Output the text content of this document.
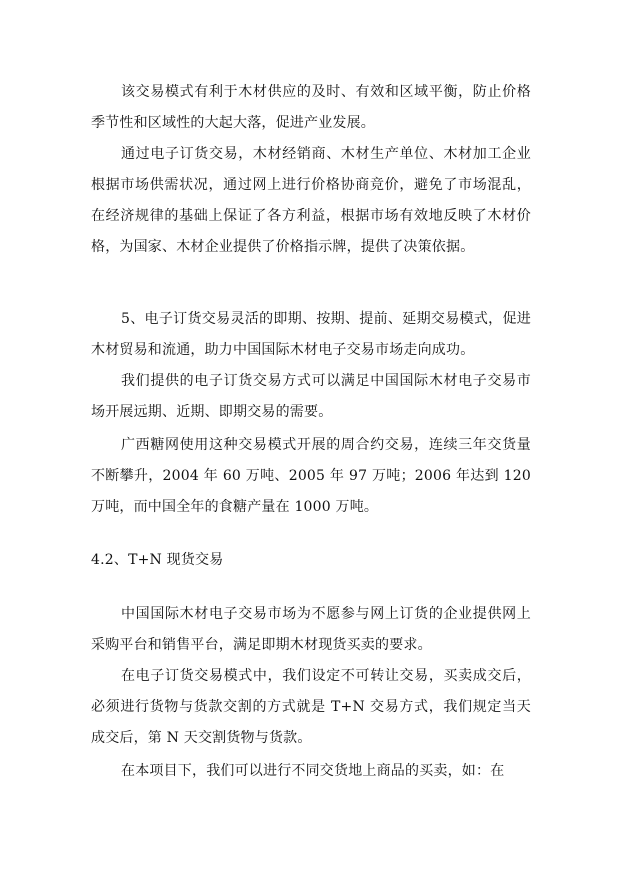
该交易模式有利于木材供应的及时、有效和区域平衡，防止价格季节性和区域性的大起大落，促进产业发展。

通过电子订货交易，木材经销商、木材生产单位、木材加工企业根据市场供需状况，通过网上进行价格协商竞价，避免了市场混乱，在经济规律的基础上保证了各方利益，根据市场有效地反映了木材价格，为国家、木材企业提供了价格指示牌，提供了决策依据。

5、电子订货交易灵活的即期、按期、提前、延期交易模式，促进木材贸易和流通，助力中国国际木材电子交易市场走向成功。

我们提供的电子订货交易方式可以满足中国国际木材电子交易市场开展远期、近期、即期交易的需要。

广西糖网使用这种交易模式开展的周合约交易，连续三年交货量不断攀升，2004 年 60 万吨、2005 年 97 万吨；2006 年达到 120 万吨，而中国全年的食糖产量在 1000 万吨。

4.2、T+N 现货交易

中国国际木材电子交易市场为不愿参与网上订货的企业提供网上采购平台和销售平台，满足即期木材现货买卖的要求。

在电子订货交易模式中，我们设定不可转让交易，买卖成交后，必须进行货物与货款交割的方式就是 T+N 交易方式，我们规定当天成交后，第 N 天交割货物与货款。

在本项目下，我们可以进行不同交货地上商品的买卖，如：在
